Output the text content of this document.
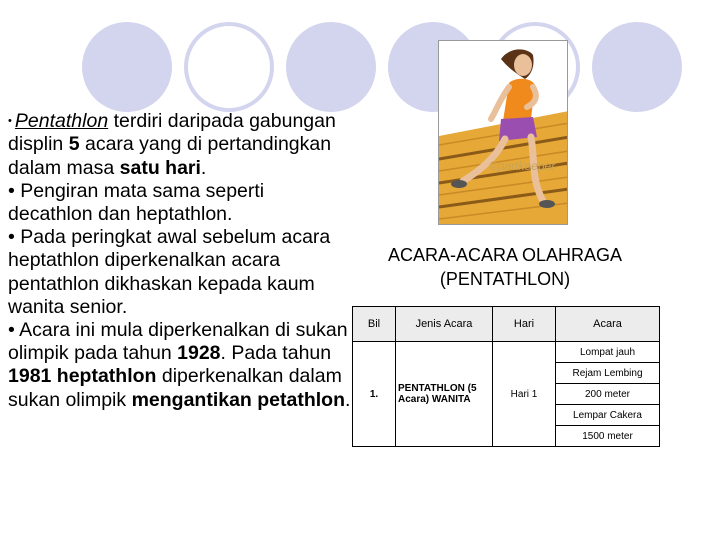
• Pentathlon terdiri daripada gabungan displin 5 acara yang di pertandingkan dalam masa satu hari.

• Pengiran mata sama seperti decathlon dan heptathlon.

• Pada peringkat awal sebelum acara heptathlon diperkenalkan acara pentathlon dikhaskan kepada kaum wanita senior.

• Acara ini mula diperkenalkan di sukan olimpik pada tahun 1928. Pada tahun 1981 heptathlon diperkenalkan dalam sukan olimpik mengantikan petathlon.

©partkeeper
ACARA-ACARA OLAHRAGA
(PENTATHLON)
Bil	Jenis Acara	Hari	Acara
1.	PENTATHLON (5 Acara) WANITA	Hari 1	Lompat jauh
			Rejam Lembing
			200 meter
			Lempar Cakera
			1500 meter
